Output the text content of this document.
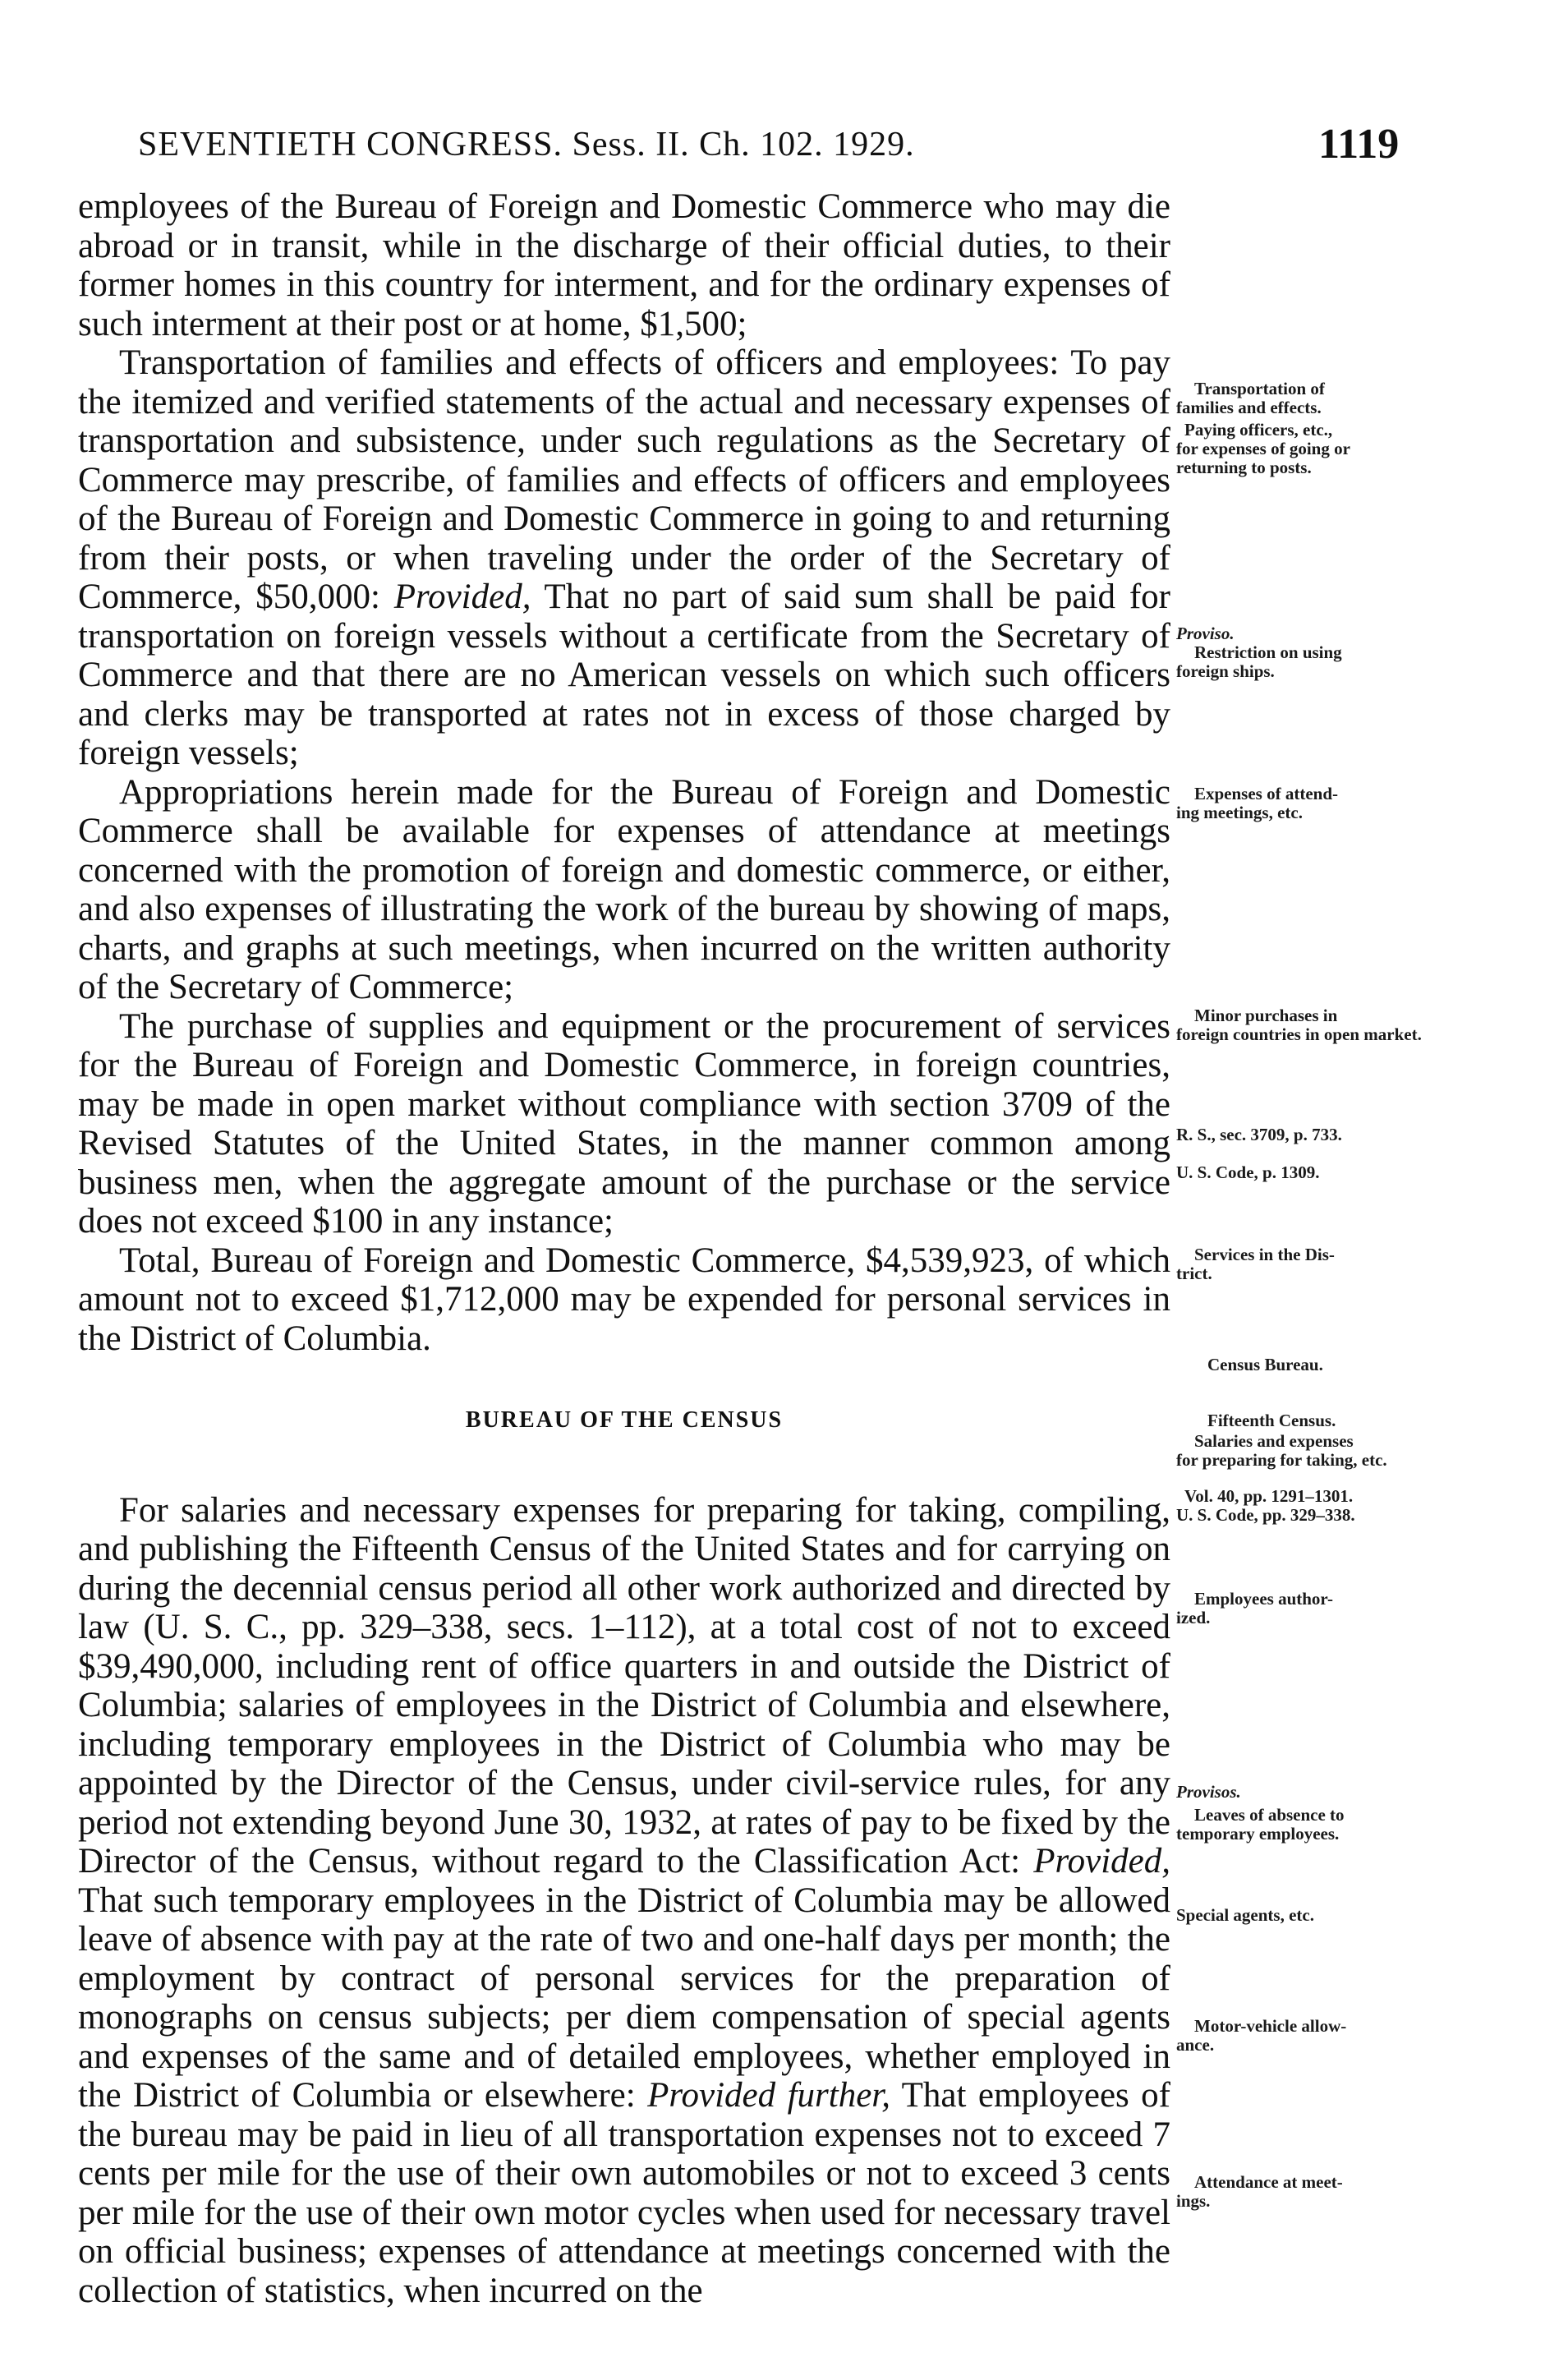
SEVENTIETH CONGRESS. Sess. II. Ch. 102. 1929.	1119

employees of the Bureau of Foreign and Domestic Commerce who may die abroad or in transit, while in the discharge of their official duties, to their former homes in this country for interment, and for the ordinary expenses of such interment at their post or at home, $1,500;

Transportation of families and effects of officers and employees: To pay the itemized and verified statements of the actual and necessary expenses of transportation and subsistence, under such regulations as the Secretary of Commerce may prescribe, of families and effects of officers and employees of the Bureau of Foreign and Domestic Commerce in going to and returning from their posts, or when traveling under the order of the Secretary of Commerce, $50,000: Provided, That no part of said sum shall be paid for transportation on foreign vessels without a certificate from the Secretary of Commerce and that there are no American vessels on which such officers and clerks may be transported at rates not in excess of those charged by foreign vessels;

Appropriations herein made for the Bureau of Foreign and Domestic Commerce shall be available for expenses of attendance at meetings concerned with the promotion of foreign and domestic commerce, or either, and also expenses of illustrating the work of the bureau by showing of maps, charts, and graphs at such meetings, when incurred on the written authority of the Secretary of Commerce;

The purchase of supplies and equipment or the procurement of services for the Bureau of Foreign and Domestic Commerce, in foreign countries, may be made in open market without compliance with section 3709 of the Revised Statutes of the United States, in the manner common among business men, when the aggregate amount of the purchase or the service does not exceed $100 in any instance;

Total, Bureau of Foreign and Domestic Commerce, $4,539,923, of which amount not to exceed $1,712,000 may be expended for personal services in the District of Columbia.

BUREAU OF THE CENSUS

For salaries and necessary expenses for preparing for taking, compiling, and publishing the Fifteenth Census of the United States and for carrying on during the decennial census period all other work authorized and directed by law (U. S. C., pp. 329–338, secs. 1–112), at a total cost of not to exceed $39,490,000, including rent of office quarters in and outside the District of Columbia; salaries of employees in the District of Columbia and elsewhere, including temporary employees in the District of Columbia who may be appointed by the Director of the Census, under civil-service rules, for any period not extending beyond June 30, 1932, at rates of pay to be fixed by the Director of the Census, without regard to the Classification Act: Provided, That such temporary employees in the District of Columbia may be allowed leave of absence with pay at the rate of two and one-half days per month; the employment by contract of personal services for the preparation of monographs on census subjects; per diem compensation of special agents and expenses of the same and of detailed employees, whether employed in the District of Columbia or elsewhere: Provided further, That employees of the bureau may be paid in lieu of all transportation expenses not to exceed 7 cents per mile for the use of their own automobiles or not to exceed 3 cents per mile for the use of their own motor cycles when used for necessary travel on official business; expenses of attendance at meetings concerned with the collection of statistics, when incurred on the

Transportation of
families and effects.
Paying officers, etc.,
for expenses of going or returning to posts.
Proviso.
Restriction on using
foreign ships.
Expenses of attend-
ing meetings, etc.
Minor purchases in
foreign countries in open market.
R. S., sec. 3709, p. 733.
U. S. Code, p. 1309.
Services in the Dis-
trict.
Census Bureau.
Fifteenth Census.
Salaries and expenses
for preparing for taking, etc.
Vol. 40, pp. 1291–1301.
U. S. Code, pp. 329–338.
Employees author-
ized.
Provisos.
Leaves of absence to
temporary employees.
Special agents, etc.
Motor-vehicle allow-
ance.
Attendance at meet-
ings.
